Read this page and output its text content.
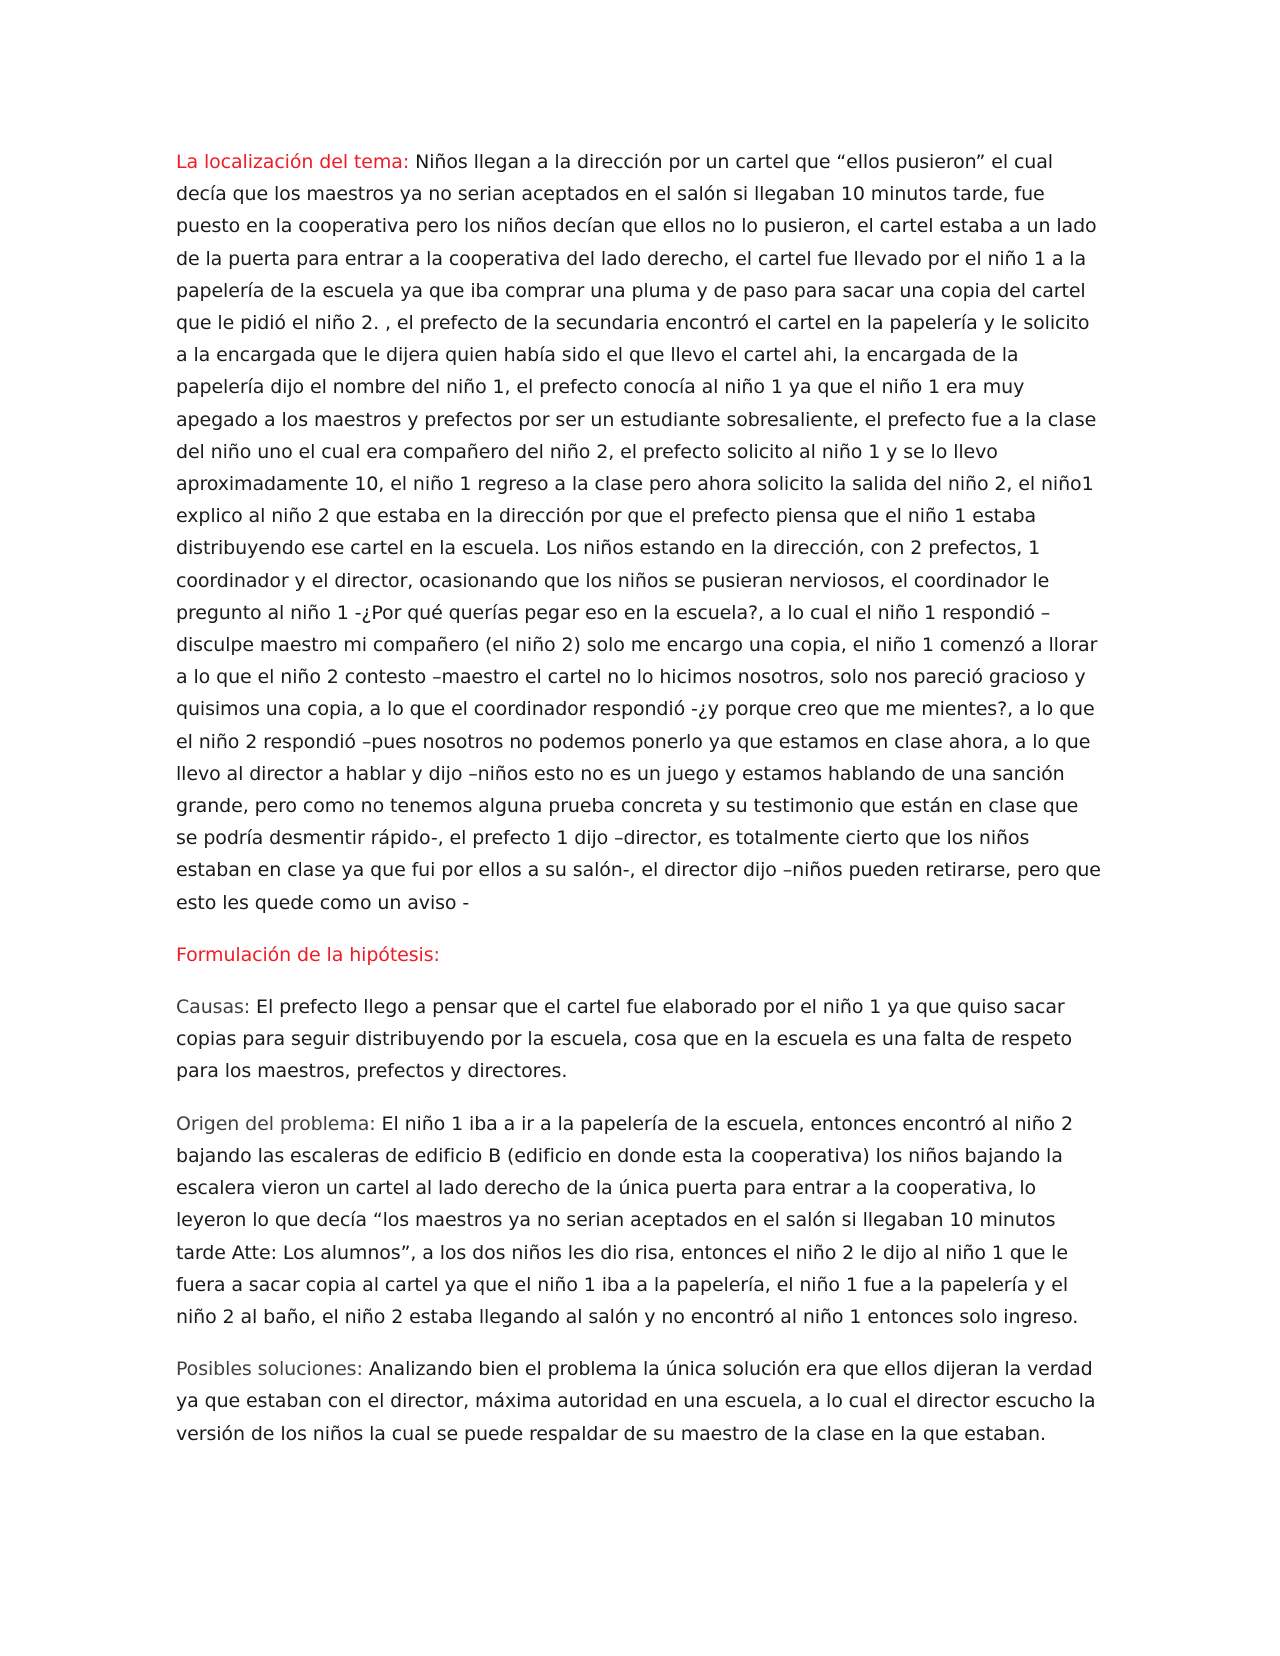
La localización del tema: Niños llegan a la dirección por un cartel que “ellos pusieron” el cual decía que los maestros ya no serian aceptados en el salón si llegaban 10 minutos tarde, fue puesto en la cooperativa pero los niños decían que ellos no lo pusieron, el cartel estaba a un lado de la puerta para entrar a la cooperativa del lado derecho, el cartel fue llevado por el niño 1 a la papelería de la escuela ya que iba comprar una pluma y de paso para sacar una copia del cartel que le pidió el niño 2. , el prefecto de la secundaria encontró el cartel en la papelería y le solicito a la encargada que le dijera quien había sido el que llevo el cartel ahi, la encargada de la papelería dijo el nombre del niño 1, el prefecto conocía al niño 1 ya que el niño 1 era muy apegado a los maestros y prefectos por ser un estudiante sobresaliente, el prefecto fue a la clase del niño uno el cual era compañero del niño 2, el prefecto solicito al niño 1 y se lo llevo aproximadamente 10, el niño 1 regreso a la clase pero ahora solicito la salida del niño 2, el niño1 explico al niño 2 que estaba en la dirección por que el prefecto piensa que el niño 1 estaba distribuyendo ese cartel en la escuela. Los niños estando en la dirección, con 2 prefectos, 1 coordinador y el director, ocasionando que los niños se pusieran nerviosos, el coordinador le pregunto al niño 1 -¿Por qué querías pegar eso en la escuela?, a lo cual el niño 1 respondió –disculpe maestro mi compañero (el niño 2) solo me encargo una copia, el niño 1 comenzó a llorar a lo que el niño 2 contesto –maestro el cartel no lo hicimos nosotros, solo nos pareció gracioso y quisimos una copia, a lo que el coordinador respondió -¿y porque creo que me mientes?, a lo que el niño 2 respondió –pues nosotros no podemos ponerlo ya que estamos en clase ahora, a lo que llevo al director a hablar y dijo –niños esto no es un juego y estamos hablando de una sanción grande, pero como no tenemos alguna prueba concreta y su testimonio que están en clase que se podría desmentir rápido-, el prefecto 1 dijo –director, es totalmente cierto que los niños estaban en clase ya que fui por ellos a su salón-, el director dijo –niños pueden retirarse, pero que esto les quede como un aviso -

Formulación de la hipótesis:

Causas: El prefecto llego a pensar que el cartel fue elaborado por el niño 1 ya que quiso sacar copias para seguir distribuyendo por la escuela, cosa que en la escuela es una falta de respeto para los maestros, prefectos y directores.

Origen del problema: El niño 1 iba a ir a la papelería de la escuela, entonces encontró al niño 2 bajando las escaleras de edificio B (edificio en donde esta la cooperativa) los niños bajando la escalera vieron un cartel al lado derecho de la única puerta para entrar a la cooperativa, lo leyeron lo que decía “los maestros ya no serian aceptados en el salón si llegaban 10 minutos tarde Atte: Los alumnos”, a los dos niños les dio risa, entonces el niño 2 le dijo al niño 1 que le fuera a sacar copia al cartel ya que el niño 1 iba a la papelería, el niño 1 fue a la papelería y el niño 2 al baño, el niño 2 estaba llegando al salón y no encontró al niño 1 entonces solo ingreso.

Posibles soluciones: Analizando bien el problema la única solución era que ellos dijeran la verdad ya que estaban con el director, máxima autoridad en una escuela, a lo cual el director escucho la versión de los niños la cual se puede respaldar de su maestro de la clase en la que estaban.
